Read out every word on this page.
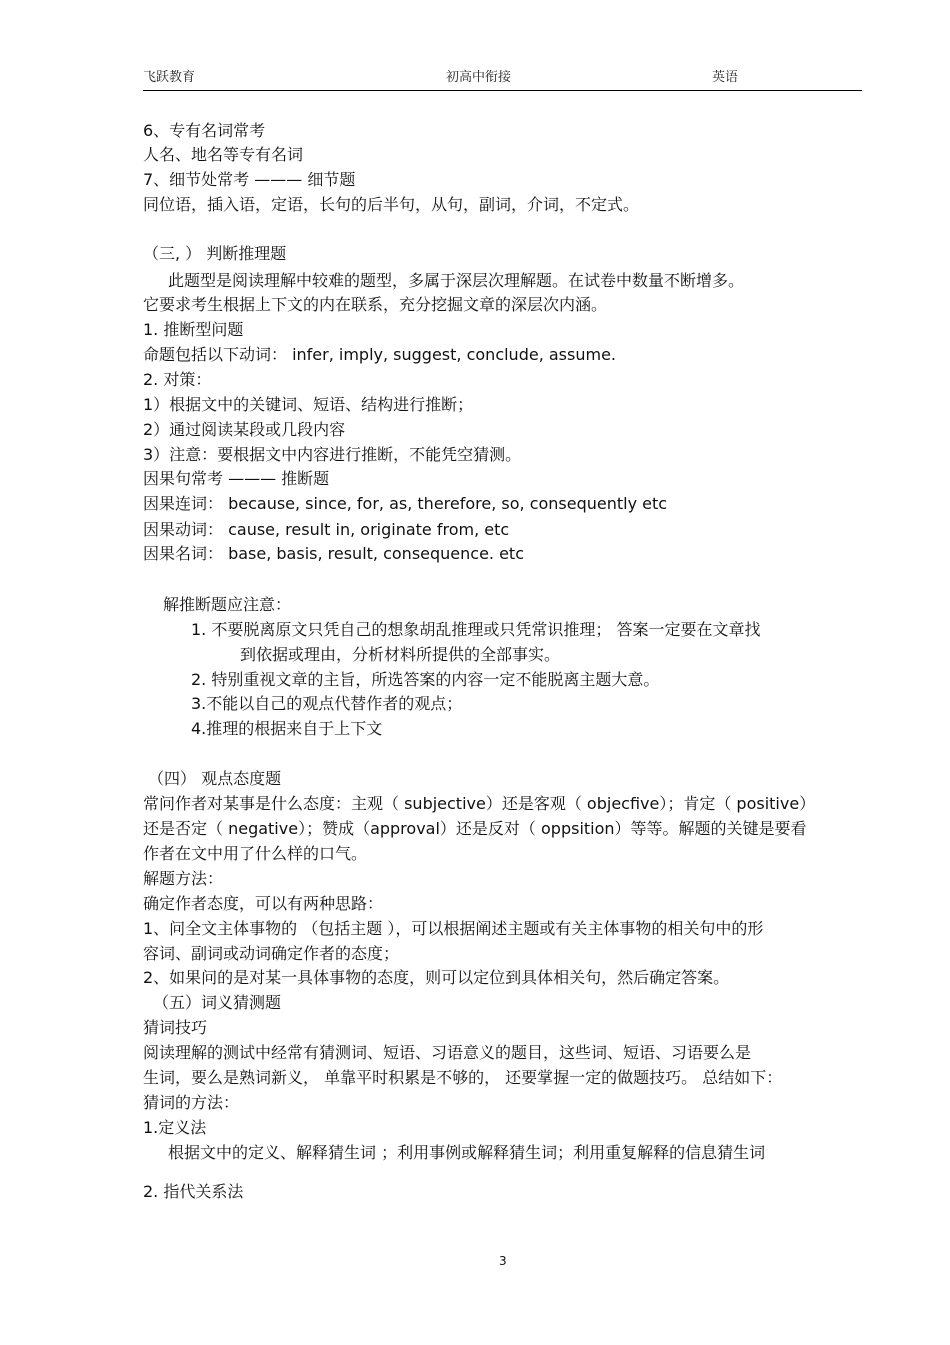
飞跃教育	初高中衔接	英语
6、专有名词常考
人名、地名等专有名词
7、细节处常考 ——— 细节题
同位语，插入语，定语，长句的后半句，从句，副词，介词，不定式。
（三, ） 判断推理题
此题型是阅读理解中较难的题型，多属于深层次理解题。在试卷中数量不断增多。
它要求考生根据上下文的内在联系，充分挖掘文章的深层次内涵。
1. 推断型问题
命题包括以下动词： infer, imply, suggest, conclude, assume.
2. 对策：
1）根据文中的关键词、短语、结构进行推断；
2）通过阅读某段或几段内容
3）注意：要根据文中内容进行推断，不能凭空猜测。
因果句常考 ——— 推断题
因果连词： because, since, for, as, therefore, so, consequently etc
因果动词： cause, result in, originate from, etc
因果名词： base, basis, result, consequence. etc
解推断题应注意：
1. 不要脱离原文只凭自己的想象胡乱推理或只凭常识推理； 答案一定要在文章找
到依据或理由，分析材料所提供的全部事实。
2. 特别重视文章的主旨，所选答案的内容一定不能脱离主题大意。
3.不能以自己的观点代替作者的观点；
4.推理的根据来自于上下文
（四） 观点态度题
常问作者对某事是什么态度：主观（ subjective）还是客观（ objecfive）；肯定（ positive）
还是否定（ negative）；赞成（approval）还是反对（ oppsition）等等。解题的关键是要看
作者在文中用了什么样的口气。
解题方法：
确定作者态度，可以有两种思路：
1、问全文主体事物的 （包括主题 ），可以根据阐述主题或有关主体事物的相关句中的形
容词、副词或动词确定作者的态度；
2、如果问的是对某一具体事物的态度，则可以定位到具体相关句，然后确定答案。
（五）词义猜测题
猜词技巧
阅读理解的测试中经常有猜测词、短语、习语意义的题目，这些词、短语、习语要么是
生词，要么是熟词新义， 单靠平时积累是不够的， 还要掌握一定的做题技巧。 总结如下：
猜词的方法：
1.定义法
根据文中的定义、解释猜生词 ；利用事例或解释猜生词；利用重复解释的信息猜生词
2. 指代关系法
3
